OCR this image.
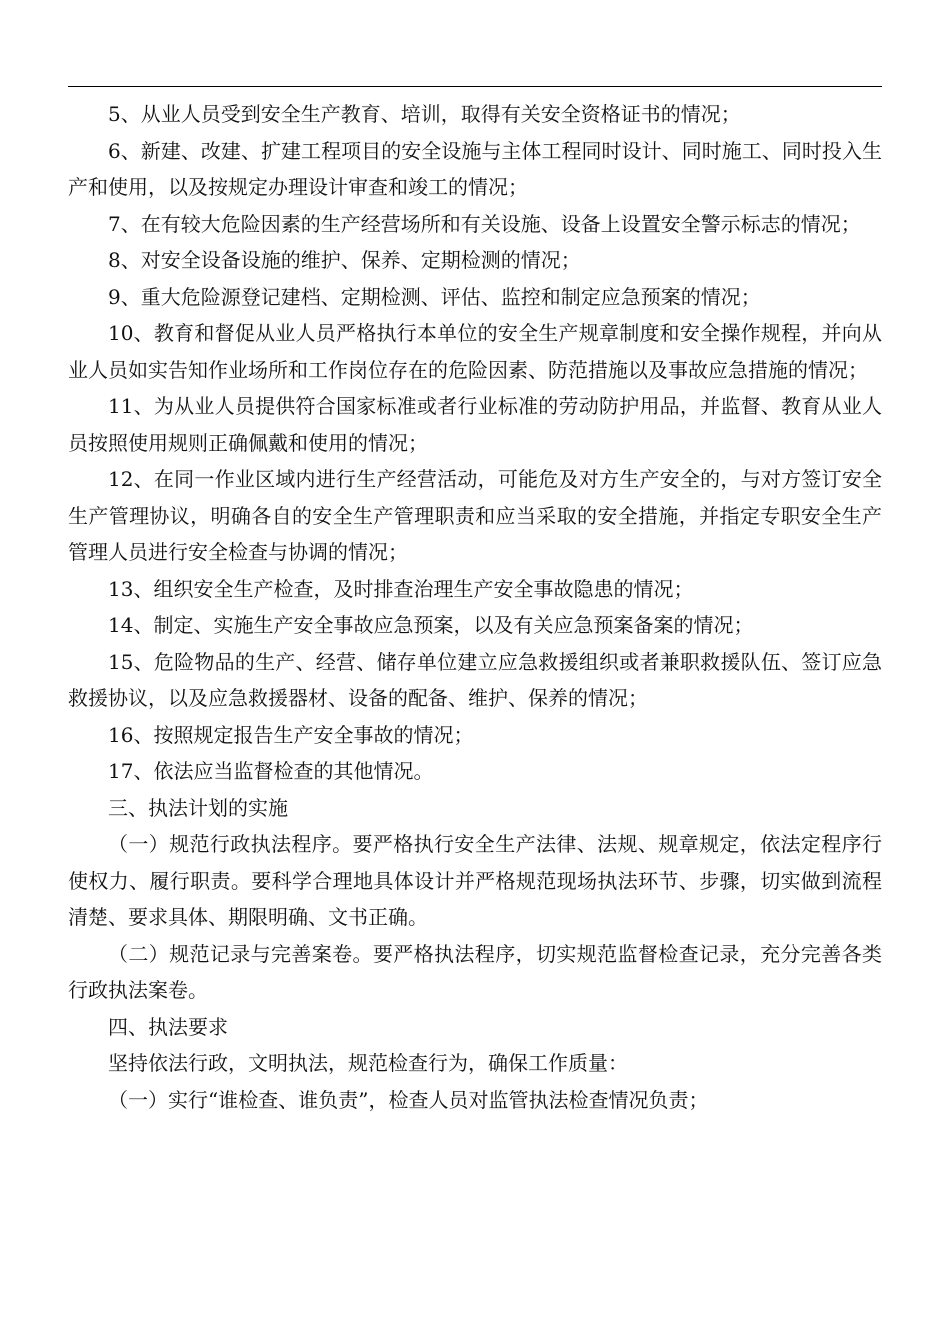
5、从业人员受到安全生产教育、培训，取得有关安全资格证书的情况；

6、新建、改建、扩建工程项目的安全设施与主体工程同时设计、同时施工、同时投入生产和使用，以及按规定办理设计审查和竣工的情况；

7、在有较大危险因素的生产经营场所和有关设施、设备上设置安全警示标志的情况；

8、对安全设备设施的维护、保养、定期检测的情况；

9、重大危险源登记建档、定期检测、评估、监控和制定应急预案的情况；

10、教育和督促从业人员严格执行本单位的安全生产规章制度和安全操作规程，并向从业人员如实告知作业场所和工作岗位存在的危险因素、防范措施以及事故应急措施的情况；

11、为从业人员提供符合国家标准或者行业标准的劳动防护用品，并监督、教育从业人员按照使用规则正确佩戴和使用的情况；

12、在同一作业区域内进行生产经营活动，可能危及对方生产安全的，与对方签订安全生产管理协议，明确各自的安全生产管理职责和应当采取的安全措施，并指定专职安全生产管理人员进行安全检查与协调的情况；

13、组织安全生产检查，及时排查治理生产安全事故隐患的情况；

14、制定、实施生产安全事故应急预案，以及有关应急预案备案的情况；

15、危险物品的生产、经营、储存单位建立应急救援组织或者兼职救援队伍、签订应急救援协议，以及应急救援器材、设备的配备、维护、保养的情况；

16、按照规定报告生产安全事故的情况；

17、依法应当监督检查的其他情况。

三、执法计划的实施

（一）规范行政执法程序。要严格执行安全生产法律、法规、规章规定，依法定程序行使权力、履行职责。要科学合理地具体设计并严格规范现场执法环节、步骤，切实做到流程清楚、要求具体、期限明确、文书正确。

（二）规范记录与完善案卷。要严格执法程序，切实规范监督检查记录，充分完善各类行政执法案卷。

四、执法要求

坚持依法行政，文明执法，规范检查行为，确保工作质量：

（一）实行“谁检查、谁负责”，检查人员对监管执法检查情况负责；
